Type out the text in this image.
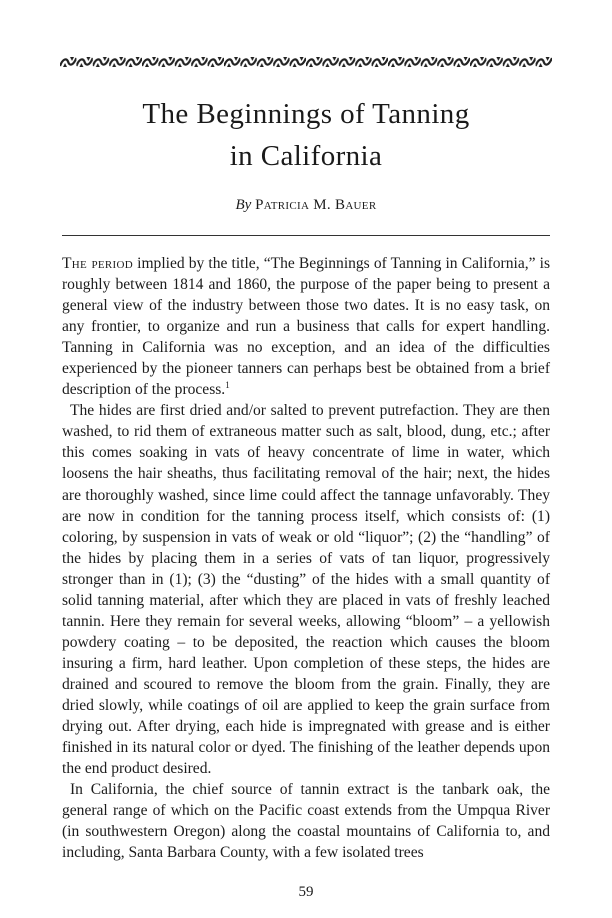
The Beginnings of Tanning
in California
By Patricia M. Bauer

The period implied by the title, “The Beginnings of Tanning in California,” is roughly between 1814 and 1860, the purpose of the paper being to present a general view of the industry between those two dates. It is no easy task, on any frontier, to organize and run a business that calls for expert handling. Tanning in California was no exception, and an idea of the difficulties experienced by the pioneer tanners can perhaps best be obtained from a brief description of the process.$^1$

The hides are first dried and/or salted to prevent putrefaction. They are then washed, to rid them of extraneous matter such as salt, blood, dung, etc.; after this comes soaking in vats of heavy concentrate of lime in water, which loosens the hair sheaths, thus facilitating removal of the hair; next, the hides are thoroughly washed, since lime could affect the tannage unfavorably. They are now in condition for the tanning process itself, which consists of: (1) coloring, by suspension in vats of weak or old “liquor”; (2) the “handling” of the hides by placing them in a series of vats of tan liquor, progressively stronger than in (1); (3) the “dusting” of the hides with a small quantity of solid tanning material, after which they are placed in vats of freshly leached tannin. Here they remain for several weeks, allowing “bloom” – a yellowish powdery coating – to be deposited, the reaction which causes the bloom insuring a firm, hard leather. Upon completion of these steps, the hides are drained and scoured to remove the bloom from the grain. Finally, they are dried slowly, while coatings of oil are applied to keep the grain surface from drying out. After drying, each hide is impregnated with grease and is either finished in its natural color or dyed. The finishing of the leather depends upon the end product desired.

In California, the chief source of tannin extract is the tanbark oak, the general range of which on the Pacific coast extends from the Umpqua River (in southwestern Oregon) along the coastal mountains of California to, and including, Santa Barbara County, with a few isolated trees

59
